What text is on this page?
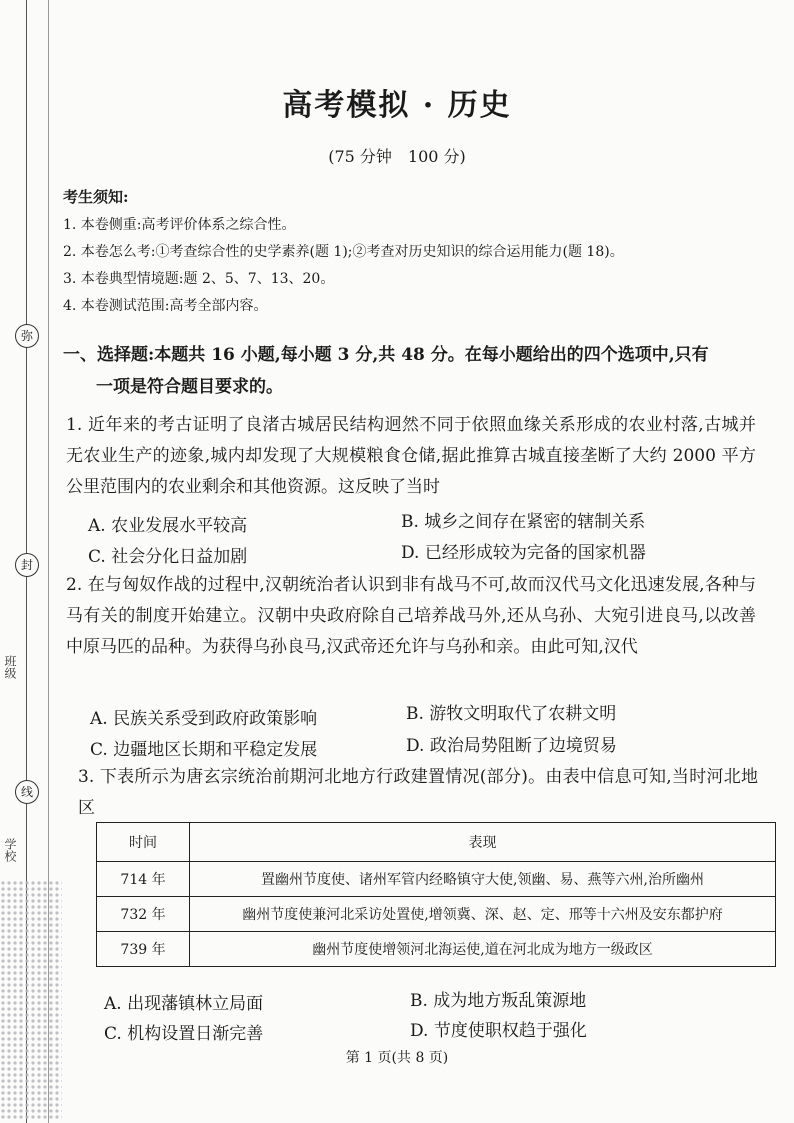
弥
封
线
班级
学校
高考模拟 · 历史
(75 分钟　100 分)
考生须知:
1. 本卷侧重:高考评价体系之综合性。
2. 本卷怎么考:①考查综合性的史学素养(题 1);②考查对历史知识的综合运用能力(题 18)。
3. 本卷典型情境题:题 2、5、7、13、20。
4. 本卷测试范围:高考全部内容。
一、选择题:本题共 16 小题,每小题 3 分,共 48 分。在每小题给出的四个选项中,只有
一项是符合题目要求的。
1. 近年来的考古证明了良渚古城居民结构迥然不同于依照血缘关系形成的农业村落,古城并无农业生产的迹象,城内却发现了大规模粮食仓储,据此推算古城直接垄断了大约 2000 平方公里范围内的农业剩余和其他资源。这反映了当时
A. 农业发展水平较高	B. 城乡之间存在紧密的辖制关系
C. 社会分化日益加剧	D. 已经形成较为完备的国家机器
2. 在与匈奴作战的过程中,汉朝统治者认识到非有战马不可,故而汉代马文化迅速发展,各种与马有关的制度开始建立。汉朝中央政府除自己培养战马外,还从乌孙、大宛引进良马,以改善中原马匹的品种。为获得乌孙良马,汉武帝还允许与乌孙和亲。由此可知,汉代
A. 民族关系受到政府政策影响	B. 游牧文明取代了农耕文明
C. 边疆地区长期和平稳定发展	D. 政治局势阻断了边境贸易
3. 下表所示为唐玄宗统治前期河北地方行政建置情况(部分)。由表中信息可知,当时河北地区
时间	表现
714 年	置幽州节度使、诸州军管内经略镇守大使,领幽、易、燕等六州,治所幽州
732 年	幽州节度使兼河北采访处置使,增领冀、深、赵、定、邢等十六州及安东都护府
739 年	幽州节度使增领河北海运使,道在河北成为地方一级政区
A. 出现藩镇林立局面	B. 成为地方叛乱策源地
C. 机构设置日渐完善	D. 节度使职权趋于强化
第 1 页(共 8 页)
